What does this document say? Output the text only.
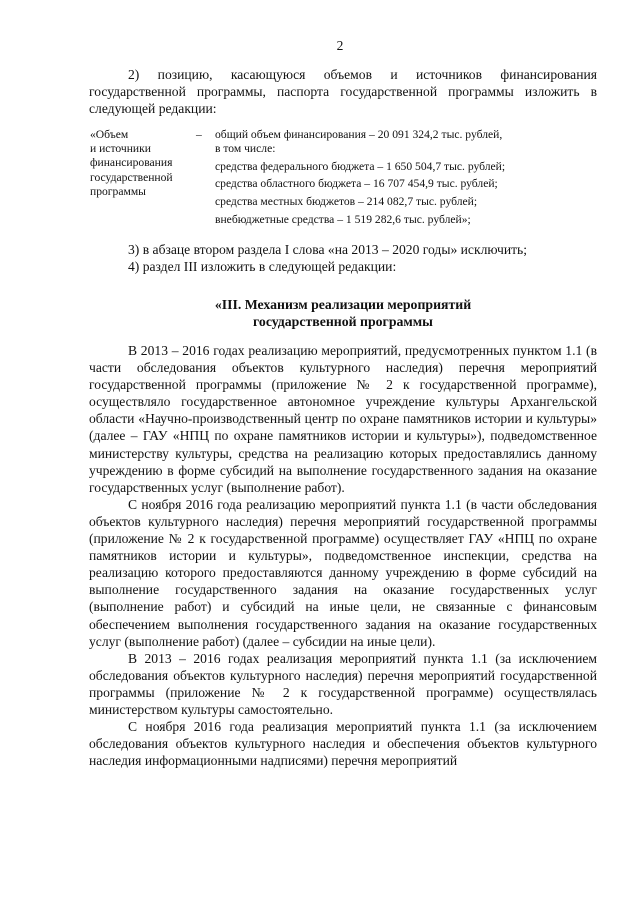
2

2) позицию, касающуюся объемов и источников финансирования государственной программы, паспорта государственной программы изложить в следующей редакции:

«Объем
и источники
финансирования
государственной
программы
– общий объем финансирования – 20 091 324,2 тыс. рублей,
в том числе:
средства федерального бюджета – 1 650 504,7 тыс. рублей;
средства областного бюджета – 16 707 454,9 тыс. рублей;
средства местных бюджетов – 214 082,7 тыс. рублей;
внебюджетные средства – 1 519 282,6 тыс. рублей»;

3) в абзаце втором раздела I слова «на 2013 – 2020 годы» исключить;

4) раздел III изложить в следующей редакции:

«III. Механизм реализации мероприятий
государственной программы

В 2013 – 2016 годах реализацию мероприятий, предусмотренных пунктом 1.1 (в части обследования объектов культурного наследия) перечня мероприятий государственной программы (приложение № 2 к государственной программе), осуществляло государственное автономное учреждение культуры Архангельской области «Научно-производственный центр по охране памятников истории и культуры» (далее – ГАУ «НПЦ по охране памятников истории и культуры»), подведомственное министерству культуры, средства на реализацию которых предоставлялись данному учреждению в форме субсидий на выполнение государственного задания на оказание государственных услуг (выполнение работ).

С ноября 2016 года реализацию мероприятий пункта 1.1 (в части обследования объектов культурного наследия) перечня мероприятий государственной программы (приложение № 2 к государственной программе) осуществляет ГАУ «НПЦ по охране памятников истории и культуры», подведомственное инспекции, средства на реализацию которого предоставляются данному учреждению в форме субсидий на выполнение государственного задания на оказание государственных услуг (выполнение работ) и субсидий на иные цели, не связанные с финансовым обеспечением выполнения государственного задания на оказание государственных услуг (выполнение работ) (далее – субсидии на иные цели).

В 2013 – 2016 годах реализация мероприятий пункта 1.1 (за исключением обследования объектов культурного наследия) перечня мероприятий государственной программы (приложение № 2 к государственной программе) осуществлялась министерством культуры самостоятельно.

С ноября 2016 года реализация мероприятий пункта 1.1 (за исключением обследования объектов культурного наследия и обеспечения объектов культурного наследия информационными надписями) перечня мероприятий
